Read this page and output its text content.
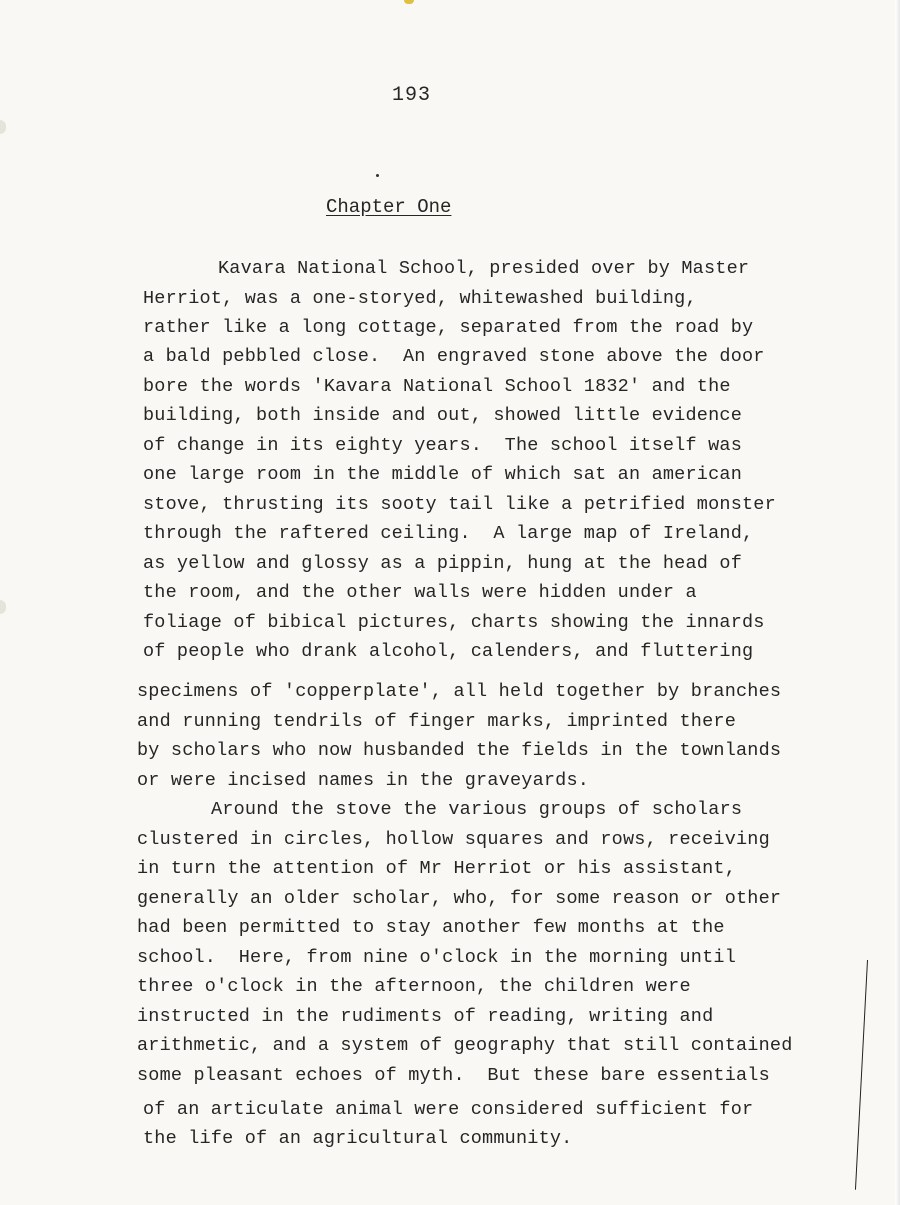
193
Chapter One
Kavara National School, presided over by Master
Herriot, was a one-storyed, whitewashed building,
rather like a long cottage, separated from the road by
a bald pebbled close.  An engraved stone above the door
bore the words 'Kavara National School 1832' and the
building, both inside and out, showed little evidence
of change in its eighty years.  The school itself was
one large room in the middle of which sat an american
stove, thrusting its sooty tail like a petrified monster
through the raftered ceiling.  A large map of Ireland,
as yellow and glossy as a pippin, hung at the head of
the room, and the other walls were hidden under a
foliage of bibical pictures, charts showing the innards
of people who drank alcohol, calenders, and fluttering
specimens of 'copperplate', all held together by branches
and running tendrils of finger marks, imprinted there
by scholars who now husbanded the fields in the townlands
or were incised names in the graveyards.
Around the stove the various groups of scholars
clustered in circles, hollow squares and rows, receiving
in turn the attention of Mr Herriot or his assistant,
generally an older scholar, who, for some reason or other
had been permitted to stay another few months at the
school.  Here, from nine o'clock in the morning until
three o'clock in the afternoon, the children were
instructed in the rudiments of reading, writing and
arithmetic, and a system of geography that still contained
some pleasant echoes of myth.  But these bare essentials
of an articulate animal were considered sufficient for
the life of an agricultural community.
